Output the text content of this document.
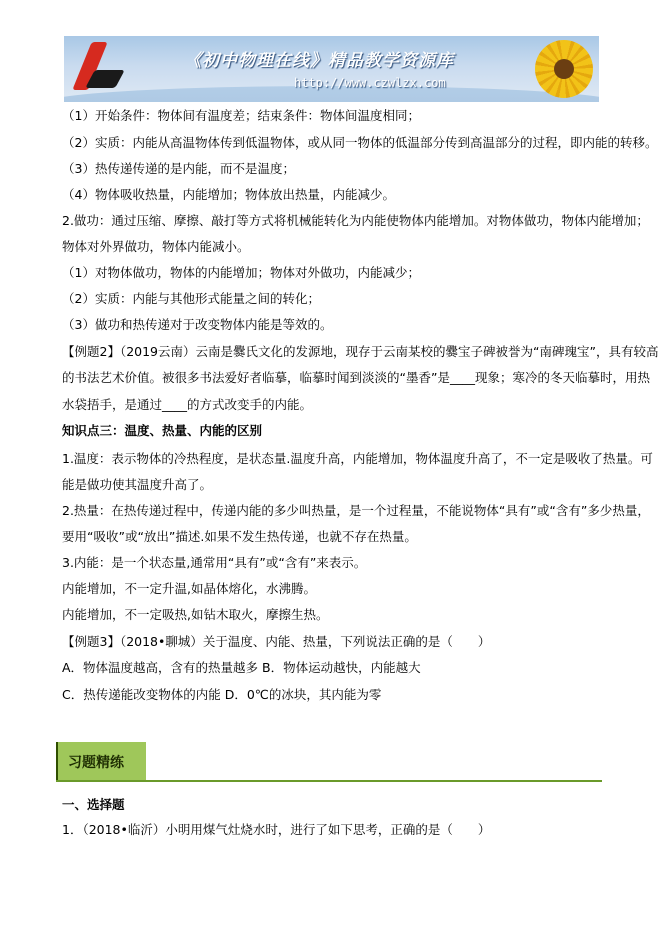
《初中物理在线》精品教学资源库
http://www.czwlzx.com
（1）开始条件：物体间有温度差；结束条件：物体间温度相同；
（2）实质：内能从高温物体传到低温物体，或从同一物体的低温部分传到高温部分的过程，即内能的转移。
（3）热传递传递的是内能，而不是温度；
（4）物体吸收热量，内能增加；物体放出热量，内能减少。
2.做功：通过压缩、摩擦、敲打等方式将机械能转化为内能使物体内能增加。对物体做功，物体内能增加；
物体对外界做功，物体内能减小。
（1）对物体做功，物体的内能增加；物体对外做功，内能减少；
（2）实质：内能与其他形式能量之间的转化；
（3）做功和热传递对于改变物体内能是等效的。
【例题2】（2019云南）云南是爨氏文化的发源地，现存于云南某校的爨宝子碑被誉为“南碑瑰宝”，具有较高
的书法艺术价值。被很多书法爱好者临摹，临摹时闻到淡淡的“墨香”是____现象；寒冷的冬天临摹时，用热
水袋捂手，是通过____的方式改变手的内能。
知识点三：温度、热量、内能的区别
1.温度：表示物体的冷热程度，是状态量.温度升高，内能增加，物体温度升高了，不一定是吸收了热量。可
能是做功使其温度升高了。
2.热量：在热传递过程中，传递内能的多少叫热量，是一个过程量，不能说物体“具有”或“含有”多少热量，
要用“吸收”或“放出”描述.如果不发生热传递，也就不存在热量。
3.内能：是一个状态量,通常用“具有”或“含有”来表示。
内能增加，不一定升温,如晶体熔化，水沸腾。
内能增加，不一定吸热,如钻木取火，摩擦生热。
【例题3】（2018•聊城）关于温度、内能、热量，下列说法正确的是（　　）
A．物体温度越高，含有的热量越多 B．物体运动越快，内能越大
C．热传递能改变物体的内能 D．0℃的冰块，其内能为零
习题精练
一、选择题
1．（2018•临沂）小明用煤气灶烧水时，进行了如下思考，正确的是（　　）
